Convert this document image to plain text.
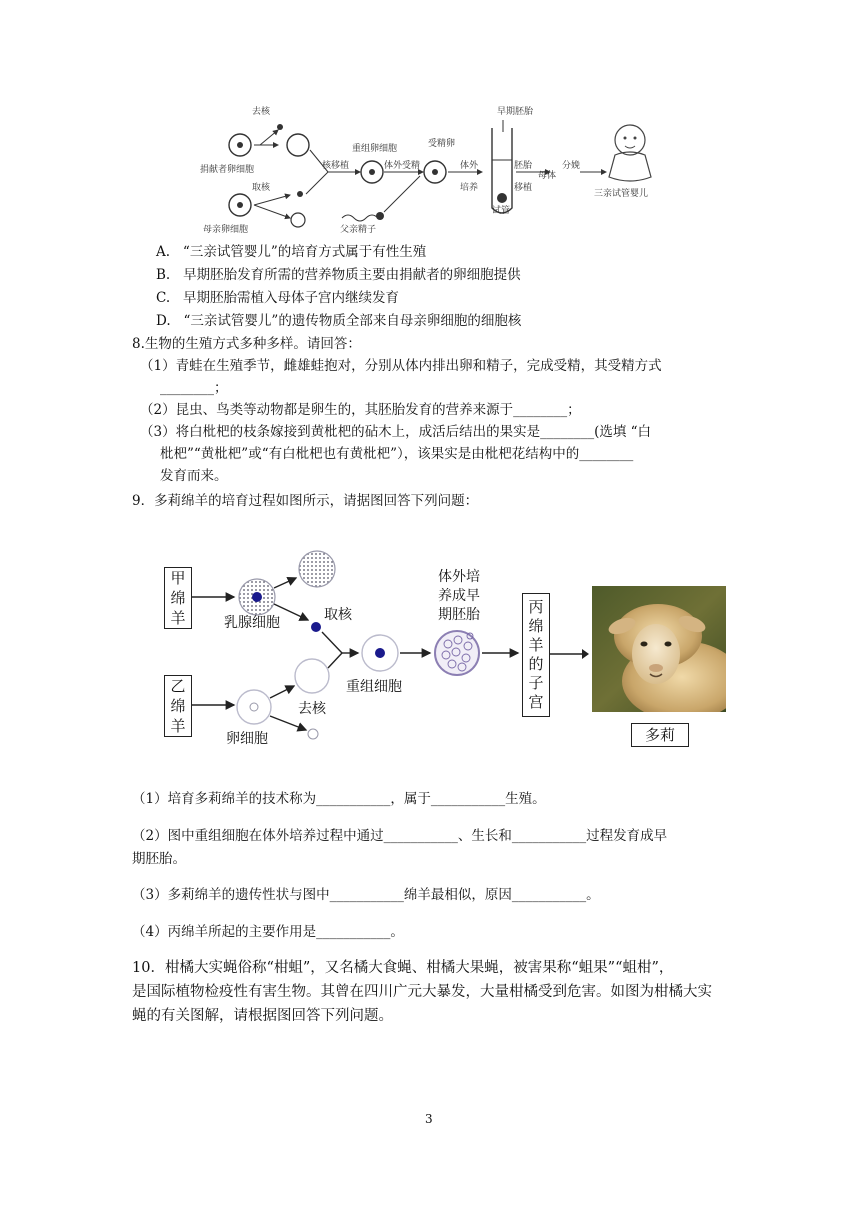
去核
捐献者卵细胞
取核
母亲卵细胞
核移植
重组卵细胞
体外受精
受精卵
体外
培养
早期胚胎
试管
胚胎
移植
母体
分娩
父亲精子
三亲试管婴儿
A. “三亲试管婴儿”的培育方式属于有性生殖
B. 早期胚胎发育所需的营养物质主要由捐献者的卵细胞提供
C. 早期胚胎需植入母体子宫内继续发育
D. “三亲试管婴儿”的遗传物质全部来自母亲卵细胞的细胞核
8.生物的生殖方式多种多样。请回答：
（1）青蛙在生殖季节，雌雄蛙抱对，分别从体内排出卵和精子，完成受精，其受精方式
________；
（2）昆虫、鸟类等动物都是卵生的，其胚胎发育的营养来源于________；
（3）将白枇杷的枝条嫁接到黄枇杷的砧木上，成活后结出的果实是________(选填 “白
枇杷”“黄枇杷”或“有白枇杷也有黄枇杷”），该果实是由枇杷花结构中的________
发育而来。
9．多莉绵羊的培育过程如图所示，请据图回答下列问题：
甲
绵
羊
乙
绵
羊
乳腺细胞	取核
重组细胞
去核
卵细胞
体外培
养成早
期胚胎	丙
绵
羊
的
子
宫
多莉
（1）培育多莉绵羊的技术称为___________，属于___________生殖。
（2）图中重组细胞在体外培养过程中通过___________、生长和___________过程发育成早
期胚胎。
（3）多莉绵羊的遗传性状与图中___________绵羊最相似，原因___________。
（4）丙绵羊所起的主要作用是___________。
10．柑橘大实蝇俗称“柑蛆”，又名橘大食蝇、柑橘大果蝇，被害果称“蛆果”“蛆柑”，
是国际植物检疫性有害生物。其曾在四川广元大暴发，大量柑橘受到危害。如图为柑橘大实
蝇的有关图解，请根据图回答下列问题。
3
